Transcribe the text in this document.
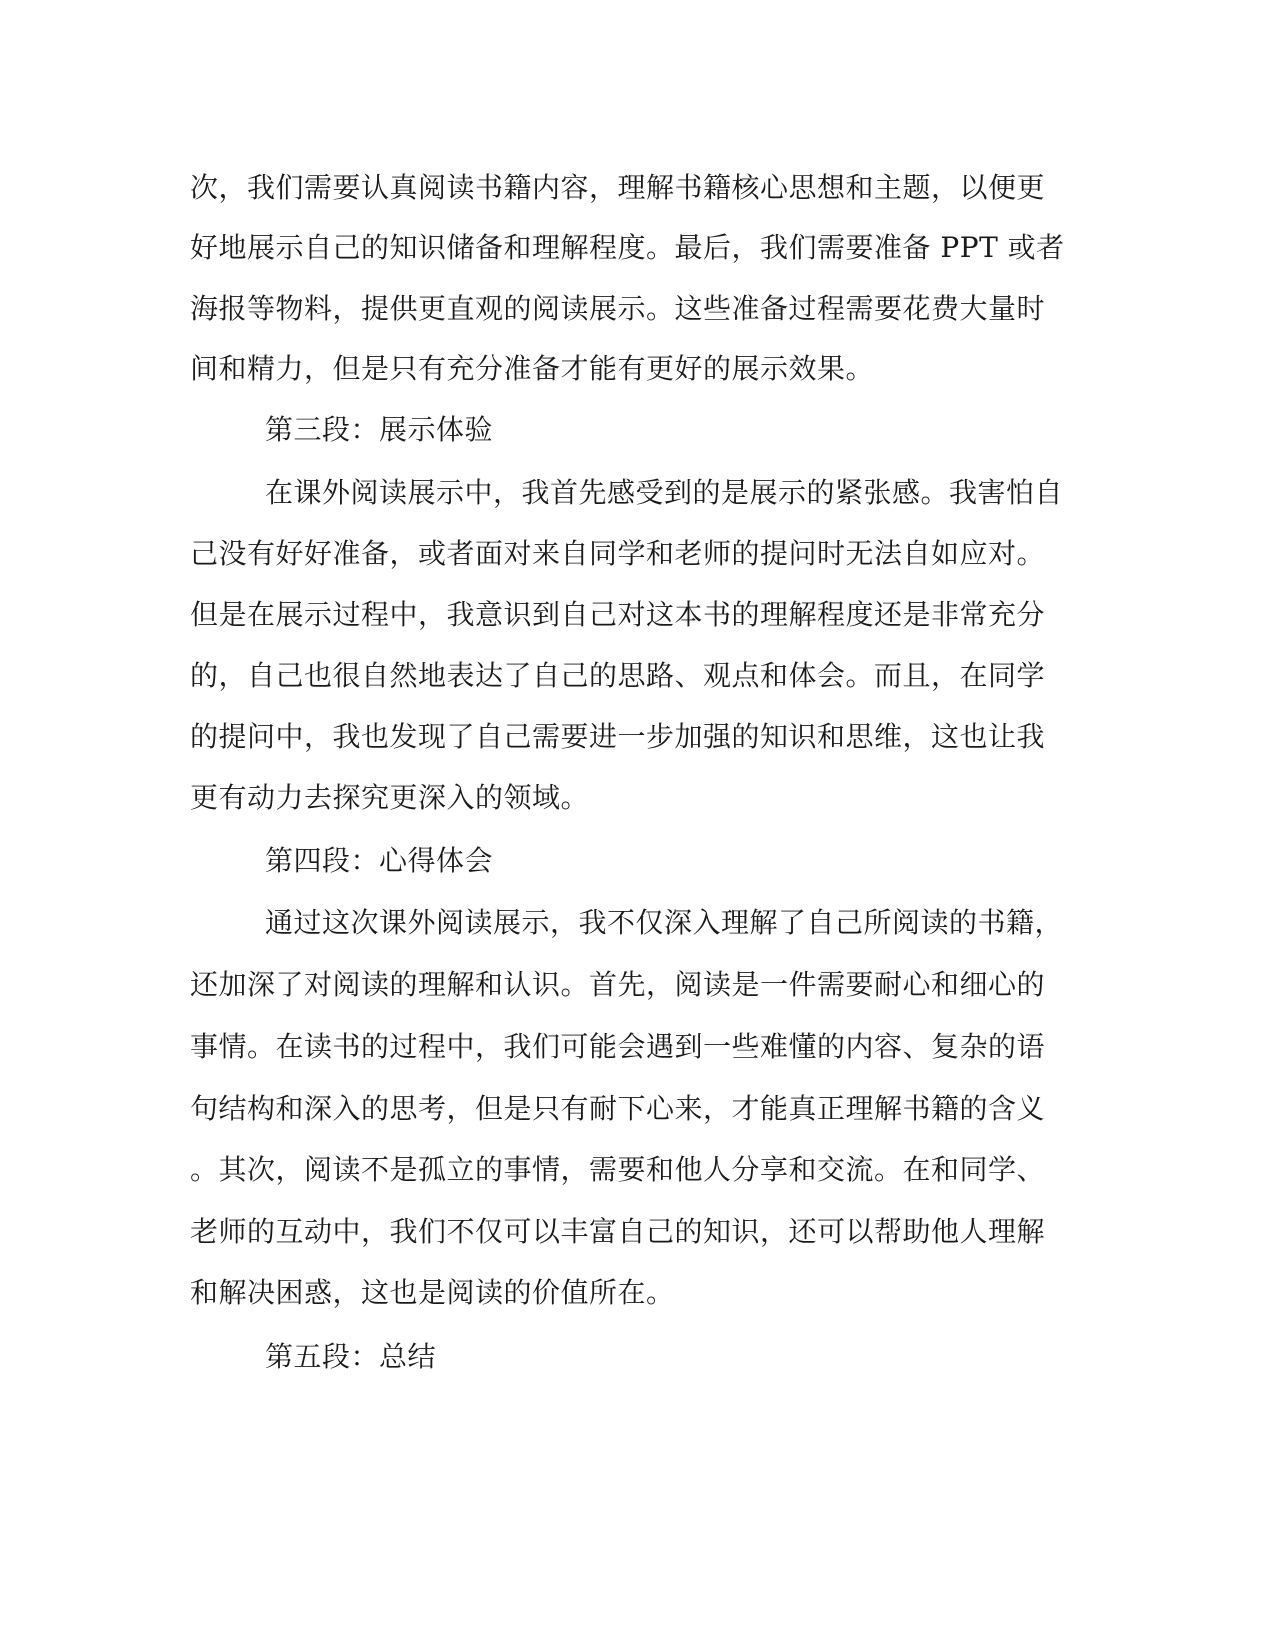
次，我们需要认真阅读书籍内容，理解书籍核心思想和主题，以便更
好地展示自己的知识储备和理解程度。最后，我们需要准备 PPT 或者
海报等物料，提供更直观的阅读展示。这些准备过程需要花费大量时
间和精力，但是只有充分准备才能有更好的展示效果。
第三段：展示体验
在课外阅读展示中，我首先感受到的是展示的紧张感。我害怕自
己没有好好准备，或者面对来自同学和老师的提问时无法自如应对。
但是在展示过程中，我意识到自己对这本书的理解程度还是非常充分
的，自己也很自然地表达了自己的思路、观点和体会。而且，在同学
的提问中，我也发现了自己需要进一步加强的知识和思维，这也让我
更有动力去探究更深入的领域。
第四段：心得体会
通过这次课外阅读展示，我不仅深入理解了自己所阅读的书籍，
还加深了对阅读的理解和认识。首先，阅读是一件需要耐心和细心的
事情。在读书的过程中，我们可能会遇到一些难懂的内容、复杂的语
句结构和深入的思考，但是只有耐下心来，才能真正理解书籍的含义
。其次，阅读不是孤立的事情，需要和他人分享和交流。在和同学、
老师的互动中，我们不仅可以丰富自己的知识，还可以帮助他人理解
和解决困惑，这也是阅读的价值所在。
第五段：总结
